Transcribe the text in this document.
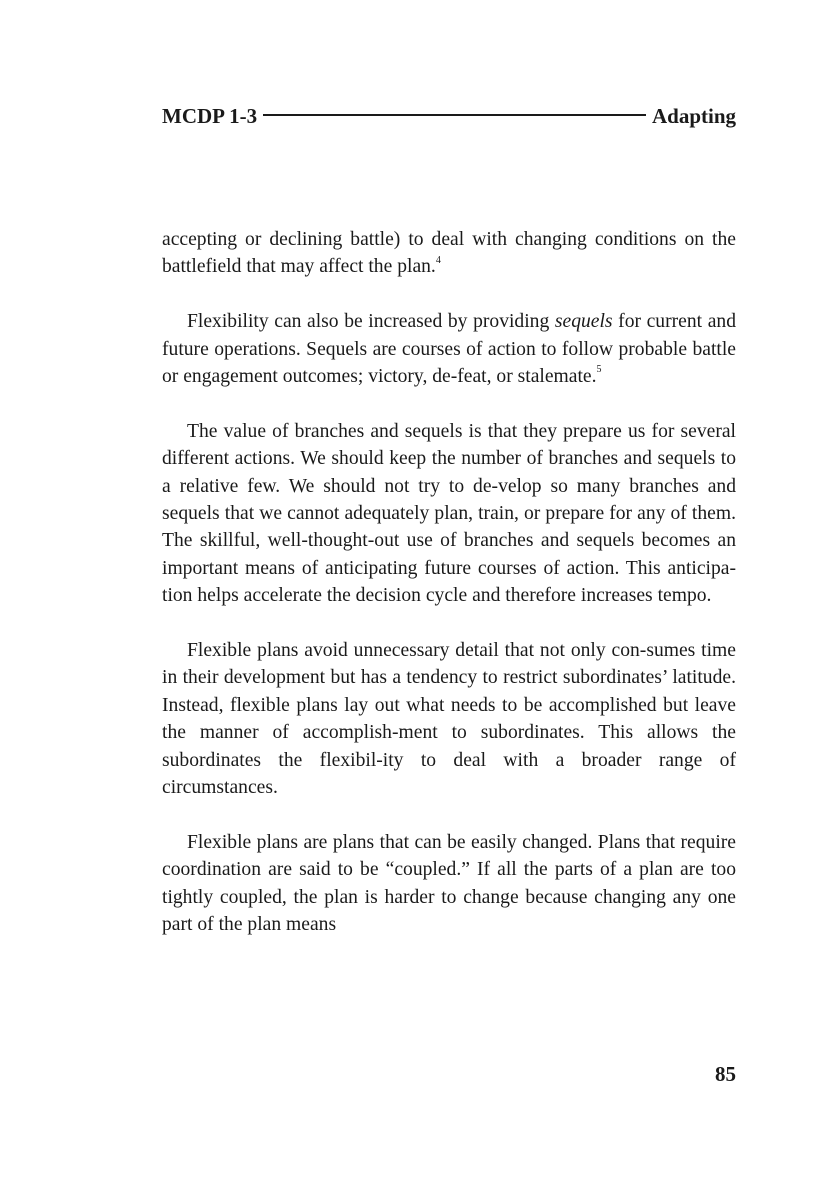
MCDP 1-3	Adapting

accepting or declining battle) to deal with changing conditions on the battlefield that may affect the plan.$^4$

Flexibility can also be increased by providing sequels for current and future operations. Sequels are courses of action to follow probable battle or engagement outcomes; victory, de-feat, or stalemate.$^5$

The value of branches and sequels is that they prepare us for several different actions. We should keep the number of branches and sequels to a relative few. We should not try to de-velop so many branches and sequels that we cannot adequately plan, train, or prepare for any of them. The skillful, well-thought-out use of branches and sequels becomes an important means of anticipating future courses of action. This anticipa-tion helps accelerate the decision cycle and therefore increases tempo.

Flexible plans avoid unnecessary detail that not only con-sumes time in their development but has a tendency to restrict subordinates’ latitude. Instead, flexible plans lay out what needs to be accomplished but leave the manner of accomplish-ment to subordinates. This allows the subordinates the flexibil-ity to deal with a broader range of circumstances.

Flexible plans are plans that can be easily changed. Plans that require coordination are said to be “coupled.” If all the parts of a plan are too tightly coupled, the plan is harder to change because changing any one part of the plan means

85
